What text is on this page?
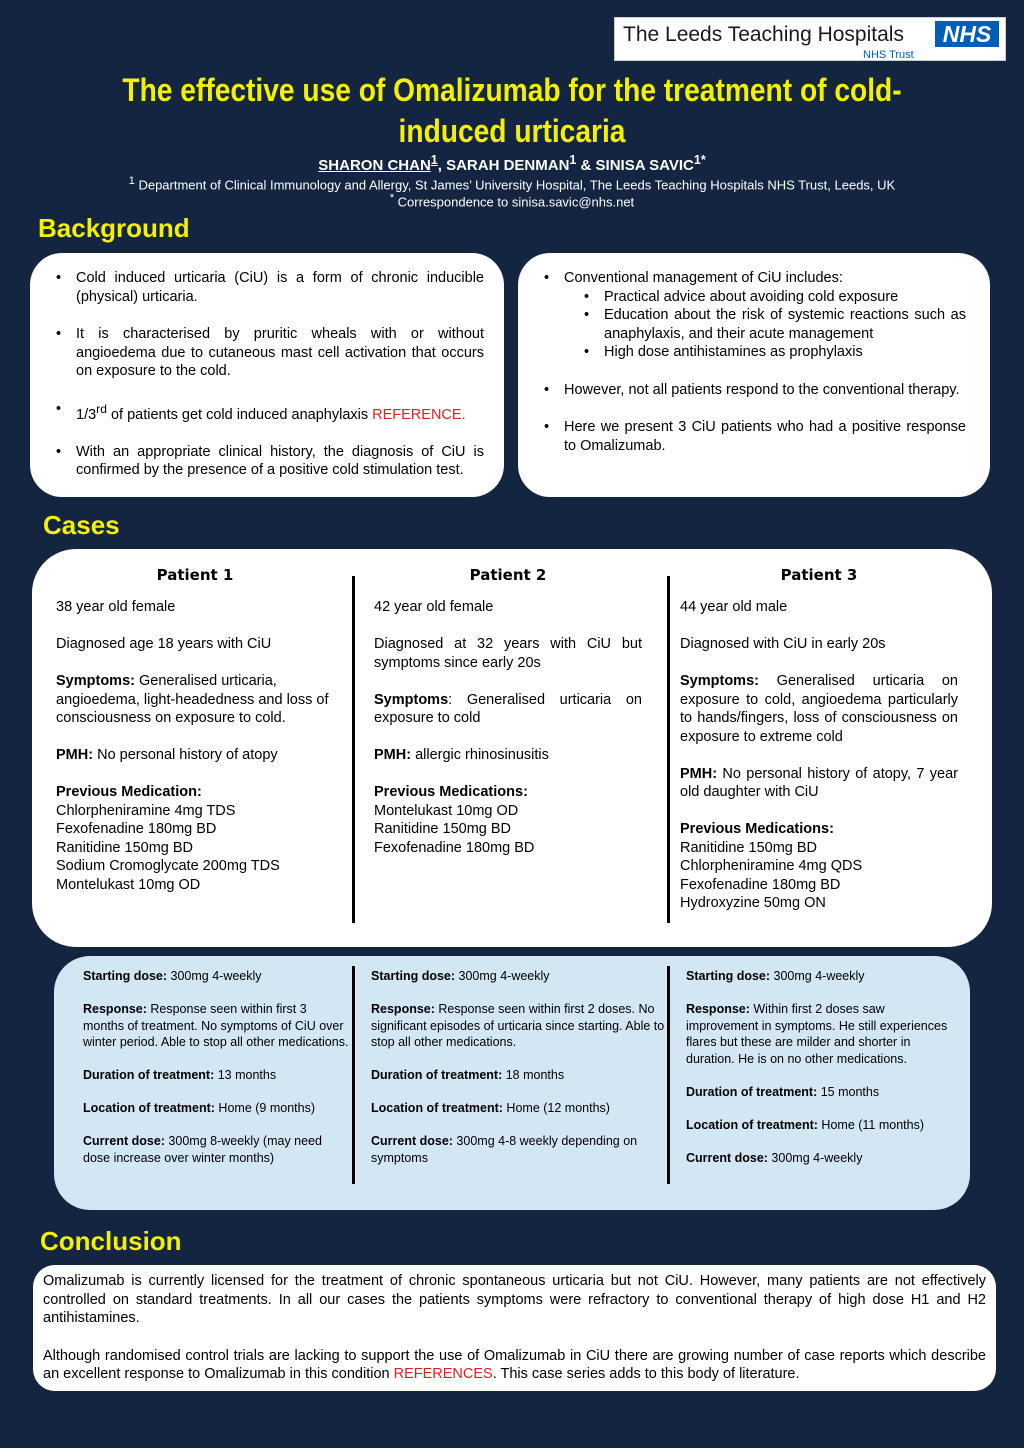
The Leeds Teaching Hospitals
NHS Trust
NHS
The effective use of Omalizumab for the treatment of cold-induced urticaria
SHARON CHAN$^1$, SARAH DENMAN$^1$ & SINISA $SAVIC^{1*}$
$^1$ Department of Clinical Immunology and Allergy, St James’ University Hospital, The Leeds Teaching Hospitals NHS Trust, Leeds, UK
* Correspondence to sinisa.savic@nhs.net
Background
• Cold induced urticaria (CiU) is a form of chronic inducible (physical) urticaria.
• It is characterised by pruritic wheals with or without angioedema due to cutaneous mast cell activation that occurs on exposure to the cold.
• 1/3rd of patients get cold induced anaphylaxis REFERENCE.
• With an appropriate clinical history, the diagnosis of CiU is confirmed by the presence of a positive cold stimulation test.
• Conventional management of CiU includes:
• Practical advice about avoiding cold exposure
• Education about the risk of systemic reactions such as anaphylaxis, and their acute management
• High dose antihistamines as prophylaxis
• However, not all patients respond to the conventional therapy.
• Here we present 3 CiU patients who had a positive response to Omalizumab.
Cases
Patient 1

38 year old female

Diagnosed age 18 years with CiU

Symptoms: Generalised urticaria, angioedema, light-headedness and loss of consciousness on exposure to cold.

PMH: No personal history of atopy

Previous Medication:
Chlorpheniramine 4mg TDS
Fexofenadine 180mg BD
Ranitidine 150mg BD
Sodium Cromoglycate 200mg TDS
Montelukast 10mg OD

Patient 2

42 year old female

Diagnosed at 32 years with CiU but symptoms since early 20s

Symptoms: Generalised urticaria on exposure to cold

PMH: allergic rhinosinusitis

Previous Medications:
Montelukast 10mg OD
Ranitidine 150mg BD
Fexofenadine 180mg BD

Patient 3

44 year old male

Diagnosed with CiU in early 20s

Symptoms: Generalised urticaria on exposure to cold, angioedema particularly to hands/fingers, loss of consciousness on exposure to extreme cold

PMH: No personal history of atopy, 7 year old daughter with CiU

Previous Medications:
Ranitidine 150mg BD
Chlorpheniramine 4mg QDS
Fexofenadine 180mg BD
Hydroxyzine 50mg ON

Starting dose: 300mg 4-weekly

Response: Response seen within first 3 months of treatment. No symptoms of CiU over winter period. Able to stop all other medications.

Duration of treatment: 13 months

Location of treatment: Home (9 months)

Current dose: 300mg 8-weekly (may need dose increase over winter months)

Starting dose: 300mg 4-weekly

Response: Response seen within first 2 doses. No significant episodes of urticaria since starting. Able to stop all other medications.

Duration of treatment: 18 months

Location of treatment: Home (12 months)

Current dose: 300mg 4-8 weekly depending on symptoms

Starting dose: 300mg 4-weekly

Response: Within first 2 doses saw improvement in symptoms. He still experiences flares but these are milder and shorter in duration. He is on no other medications.

Duration of treatment: 15 months

Location of treatment: Home (11 months)

Current dose: 300mg 4-weekly

Conclusion

Omalizumab is currently licensed for the treatment of chronic spontaneous urticaria but not CiU. However, many patients are not effectively controlled on standard treatments. In all our cases the patients symptoms were refractory to conventional therapy of high dose H1 and H2 antihistamines.

Although randomised control trials are lacking to support the use of Omalizumab in CiU there are growing number of case reports which describe an excellent response to Omalizumab in this condition REFERENCES. This case series adds to this body of literature.
